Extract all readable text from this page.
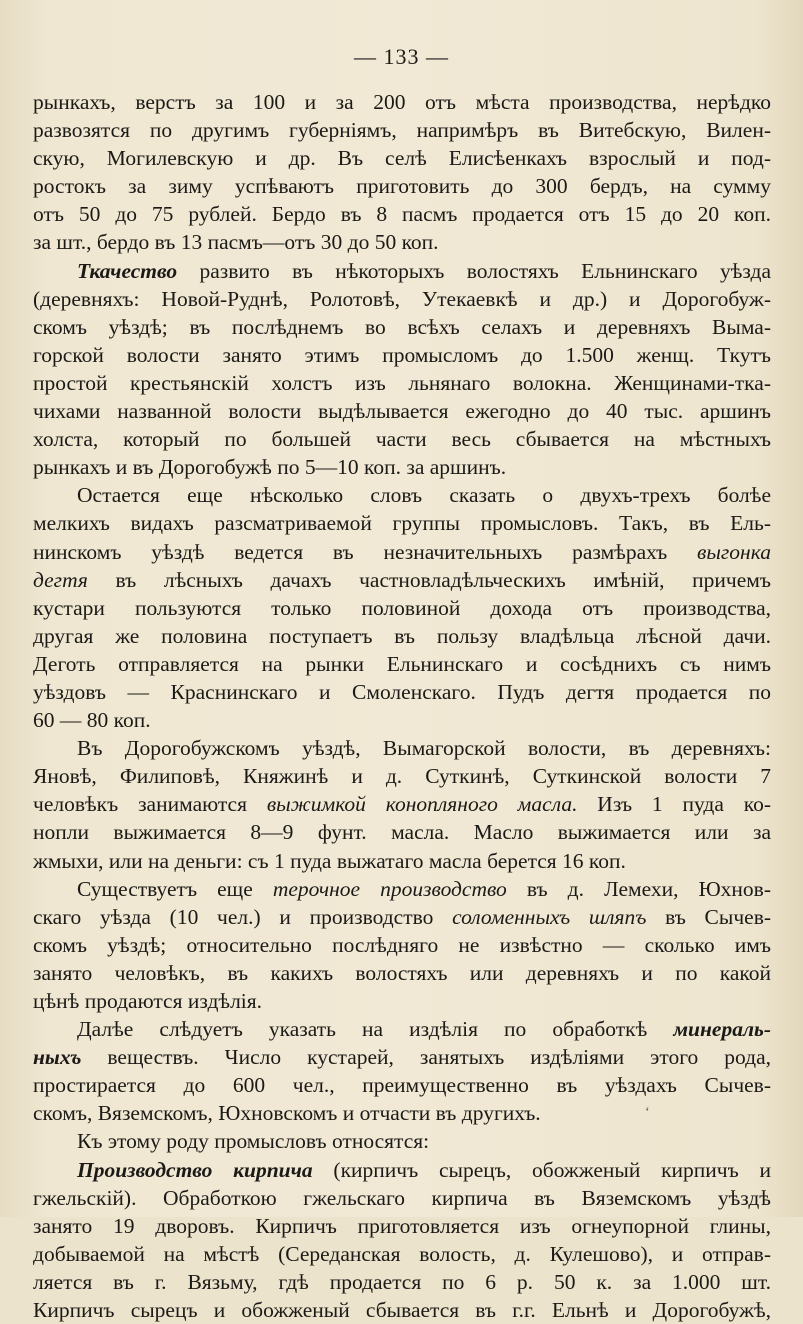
— 133 —
рынкахъ, верстъ за 100 и за 200 отъ мѣста производства, нерѣдко
развозятся по другимъ губерніямъ, напримѣръ въ Витебскую, Вилен-
скую, Могилевскую и др. Въ селѣ Елисѣенкахъ взрослый и под-
ростокъ за зиму успѣваютъ приготовить до 300 бердъ, на сумму
отъ 50 до 75 рублей. Бердо въ 8 пасмъ продается отъ 15 до 20 коп.
за шт., бердо въ 13 пасмъ—отъ 30 до 50 коп.
Ткачество развито въ нѣкоторыхъ волостяхъ Ельнинскаго уѣзда
(деревняхъ: Новой-Руднѣ, Ролотовѣ, Утекаевкѣ и др.) и Дорогобуж-
скомъ уѣздѣ; въ послѣднемъ во всѣхъ селахъ и деревняхъ Выма-
горской волости занято этимъ промысломъ до 1.500 женщ. Ткутъ
простой крестьянскій холстъ изъ льнянаго волокна. Женщинами-тка-
чихами названной волости выдѣлывается ежегодно до 40 тыс. аршинъ
холста, который по большей части весь сбывается на мѣстныхъ
рынкахъ и въ Дорогобужѣ по 5—10 коп. за аршинъ.
Остается еще нѣсколько словъ сказать о двухъ-трехъ болѣе
мелкихъ видахъ разсматриваемой группы промысловъ. Такъ, въ Ель-
нинскомъ уѣздѣ ведется въ незначительныхъ размѣрахъ выгонка
дегтя въ лѣсныхъ дачахъ частновладѣльческихъ имѣній, причемъ
кустари пользуются только половиной дохода отъ производства,
другая же половина поступаетъ въ пользу владѣльца лѣсной дачи.
Деготь отправляется на рынки Ельнинскаго и сосѣднихъ съ нимъ
уѣздовъ — Краснинскаго и Смоленскаго. Пудъ дегтя продается по
60 — 80 коп.
Въ Дорогобужскомъ уѣздѣ, Вымагорской волости, въ деревняхъ:
Яновѣ, Филиповѣ, Княжинѣ и д. Суткинѣ, Суткинской волости 7
человѣкъ занимаются выжимкой конопляного масла. Изъ 1 пуда ко-
нопли выжимается 8—9 фунт. масла. Масло выжимается или за
жмыхи, или на деньги: съ 1 пуда выжатаго масла берется 16 коп.
Существуетъ еще терочное производство въ д. Лемехи, Юхнов-
скаго уѣзда (10 чел.) и производство соломенныхъ шляпъ въ Сычев-
скомъ уѣздѣ; относительно послѣдняго не извѣстно — сколько имъ
занято человѣкъ, въ какихъ волостяхъ или деревняхъ и по какой
цѣнѣ продаются издѣлія.
Далѣе слѣдуетъ указать на издѣлія по обработкѣ минераль-
ныхъ веществъ. Число кустарей, занятыхъ издѣліями этого рода,
простирается до 600 чел., преимущественно въ уѣздахъ Сычев-
скомъ, Вяземскомъ, Юхновскомъ и отчасти въ другихъ.
Къ этому роду промысловъ относятся:
Производство кирпича (кирпичъ сырецъ, обожженый кирпичъ и
гжельскій). Обработкою гжельскаго кирпича въ Вяземскомъ уѣздѣ
занято 19 дворовъ. Кирпичъ приготовляется изъ огнеупорной глины,
добываемой на мѣстѣ (Середанская волость, д. Кулешово), и отправ-
ляется въ г. Вязьму, гдѣ продается по 6 р. 50 к. за 1.000 шт.
Кирпичъ сырецъ и обожженый сбывается въ г.г. Ельнѣ и Дорогобужѣ,
‘
